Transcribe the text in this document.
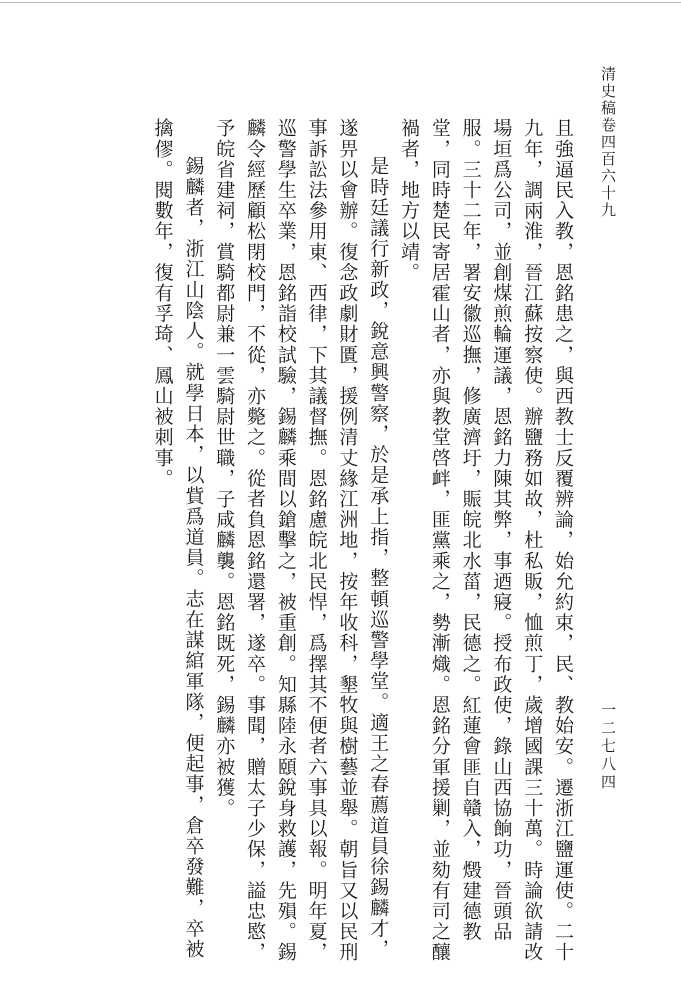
清史稿卷四百六十九
一二七八四

且強逼民入教，恩銘患之，與西教士反覆辨論，始允約束，民、教始安。遷浙江鹽運使。二十九年，調兩淮，晉江蘇按察使。辦鹽務如故，杜私販，恤煎丁，歲增國課三十萬。時論欲請改場垣爲公司，並創煤煎輪運議，恩銘力陳其弊，事迺寢。授布政使，錄山西協餉功，晉頭品服。三十二年，署安徽巡撫，修廣濟圩，賑皖北水菑，民德之。紅蓮會匪自贛入，燬建德教堂，同時楚民寄居霍山者，亦與教堂啓衅，匪黨乘之，勢漸熾。恩銘分軍援剿，並劾有司之釀禍者，地方以靖。

是時廷議行新政，銳意興警察，於是承上指，整頓巡警學堂。適王之春薦道員徐錫麟才，遂畀以會辦。復念政劇財匱，援例清丈緣江洲地，按年收科，墾牧與樹藝並舉。朝旨又以民刑事訴訟法參用東、西律，下其議督撫。恩銘慮皖北民悍，爲擇其不便者六事具以報。明年夏，巡警學生卒業，恩銘詣校試驗，錫麟乘間以鎗擊之，被重創。知縣陸永頤銳身救護，先殞。錫麟令經歷顧松閉校門，不從，亦斃之。從者負恩銘還署，遂卒。事聞，贈太子少保，謚忠愍，予皖省建祠，賞騎都尉兼一雲騎尉世職，子咸麟襲。恩銘既死，錫麟亦被獲。

錫麟者，浙江山陰人。就學日本，以貲爲道員。志在謀綰軍隊，便起事，倉卒發難，卒被擒僇。閱數年，復有孚琦、鳳山被刺事。
